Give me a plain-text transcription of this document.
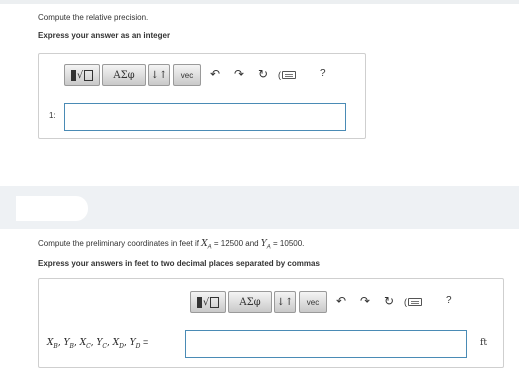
Compute the relative precision.
Express your answer as an integer
√	ΑΣφ ↓↑ vec ↶ ↷ ↻ (	?
1:
Compute the preliminary coordinates in feet if $X_A = 12500$ and $Y_A = 10500$.
Express your answers in feet to two decimal places separated by commas
√	ΑΣφ ↓↑ vec ↶ ↷ ↻ (	?
$X_B$, $Y_B$, $X_C$, $Y_C$, $X_D$, $Y_D$ =	ft
